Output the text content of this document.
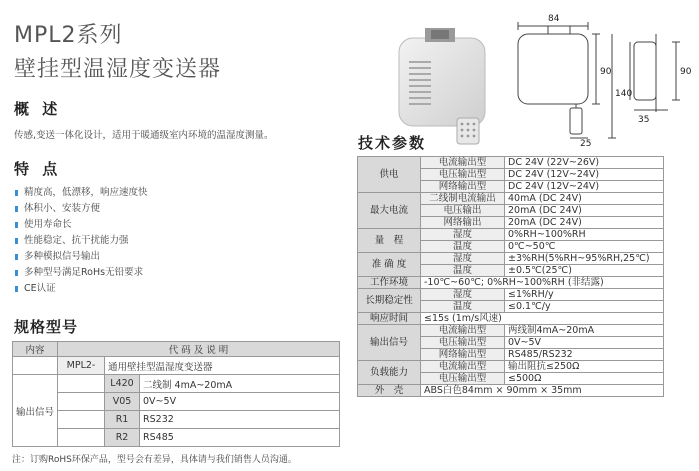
MPL2系列
壁挂型温湿度变送器
概 述
传感,变送一体化设计，适用于暖通级室内环境的温湿度测量。
特 点
精度高，低漂移，响应速度快
体积小、安装方便
使用寿命长
性能稳定、抗干扰能力强
多种模拟信号输出
多种型号满足RoHs无铅要求
CE认证
规格型号
内容	代 码 及 说 明		
	MPL2-	通用壁挂型温湿度变送器	
输出信号		L420	二线制 4mA~20mA
		V05	0V~5V
		R1	RS232
		R2	RS485
注：订购RoHS环保产品，型号会有差异，具体请与我们销售人员沟通。
84
90
140
90
25
35
技术参数
供电	电流输出型	DC 24V (22V~26V)
	电压输出型	DC 24V (12V~24V)
	网络输出型	DC 24V (12V~24V)
最大电流	二线制电流输出	40mA (DC 24V)
	电压输出	20mA (DC 24V)
	网络输出	20mA (DC 24V)
量　程	湿度	0%RH~100%RH
	温度	0℃~50℃
准 确 度	湿度	±3%RH(5%RH~95%RH,25℃)
	温度	±0.5℃(25℃)
工作环境	-10℃~60℃; 0%RH~100%RH (非结露)	
长期稳定性	湿度	≤1%RH/y
	温度	≤0.1℃/y
响应时间	≤15s (1m/s风速)	
输出信号	电流输出型	两线制4mA~20mA
	电压输出型	0V~5V
	网络输出型	RS485/RS232
负载能力	电流输出型	输出阻抗≤250Ω
	电压输出型	≤500Ω
外　壳	ABS白色84mm × 90mm × 35mm	
